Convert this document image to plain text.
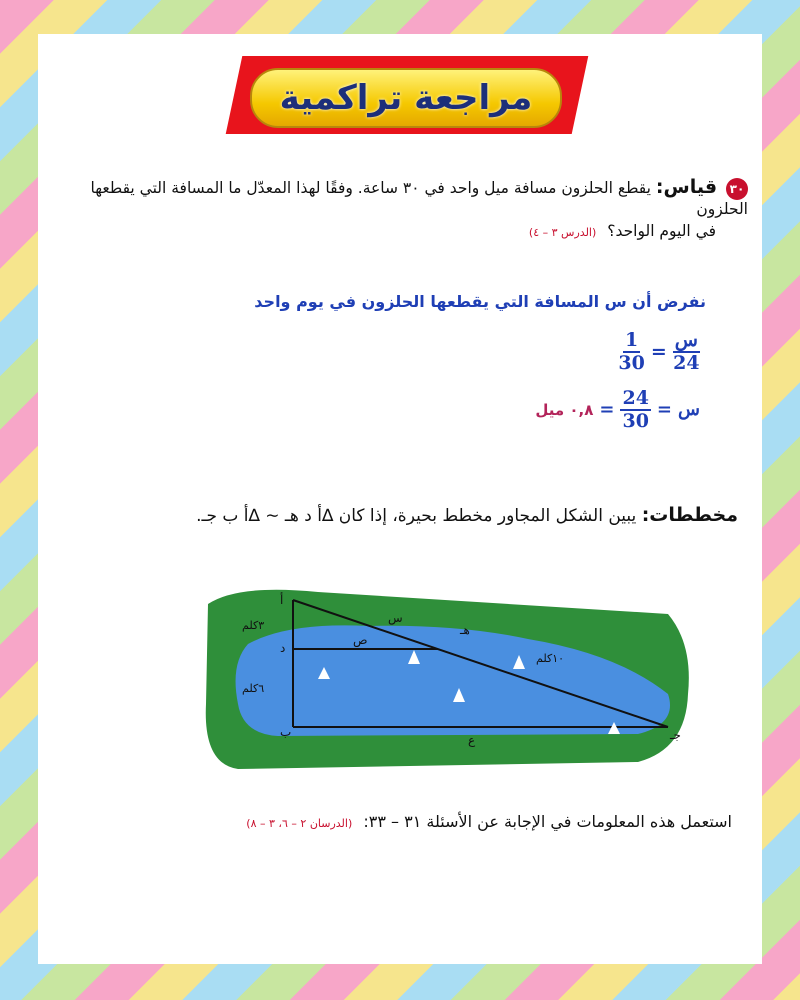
مراجعة تراكمية
٣٠ قياس: يقطع الحلزون مسافة ميل واحد في ٣٠ ساعة. وفقًا لهذا المعدّل ما المسافة التي يقطعها الحلزون
في اليوم الواحد؟ (الدرس ٣ – ٤)
نفرض أن س المسافة التي يقطعها الحلزون في يوم واحد
$\frac{\text{س}}{24}$
=
$\frac{1}{30}$
س
=
$\frac{24}{30}$
=
٠,٨ ميل
مخططات: يبين الشكل المجاور مخطط بحيرة، إذا كان ∆أ د هـ ∽ ∆أ ب جـ.
أ
د
ب
هـ
جـ
س
ص
ع
٣كلم
٦كلم
١٠كلم
استعمل هذه المعلومات في الإجابة عن الأسئلة ٣١ – ٣٣: (الدرسان ٢ – ٦، ٣ – ٨)
